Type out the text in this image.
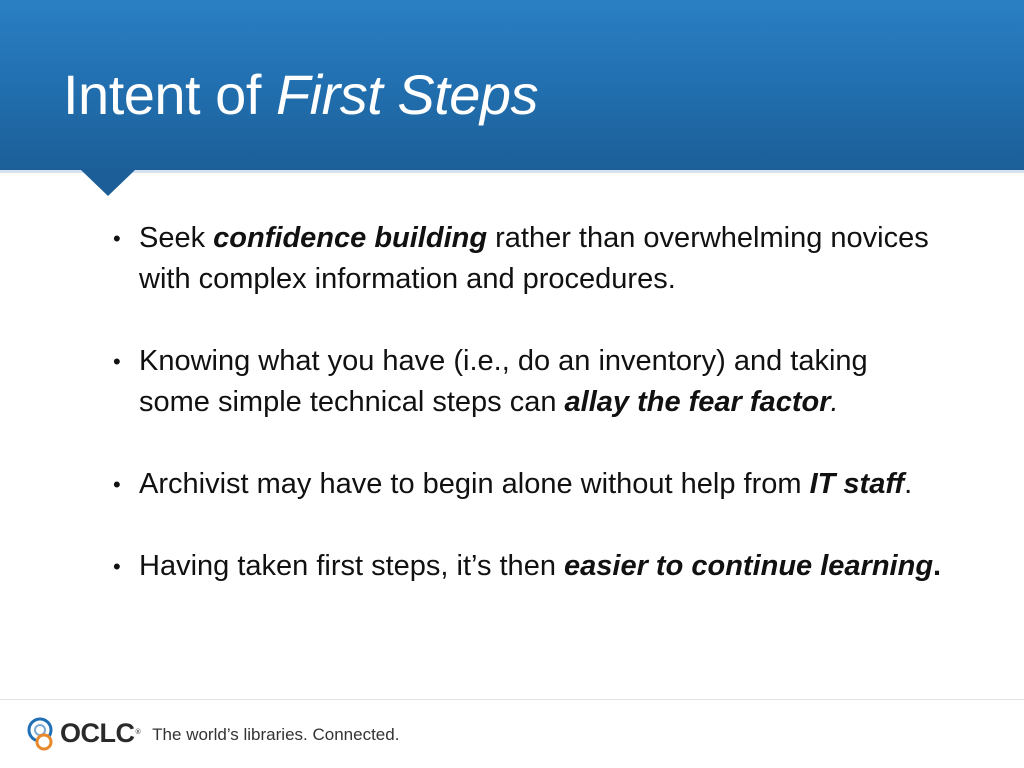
Intent of First Steps
• Seek confidence building rather than overwhelming novices with complex information and procedures.
• Knowing what you have (i.e., do an inventory) and taking some simple technical steps can allay the fear factor.
• Archivist may have to begin alone without help from IT staff.
• Having taken first steps, it’s then easier to continue learning.
OCLC® The world’s libraries. Connected.
